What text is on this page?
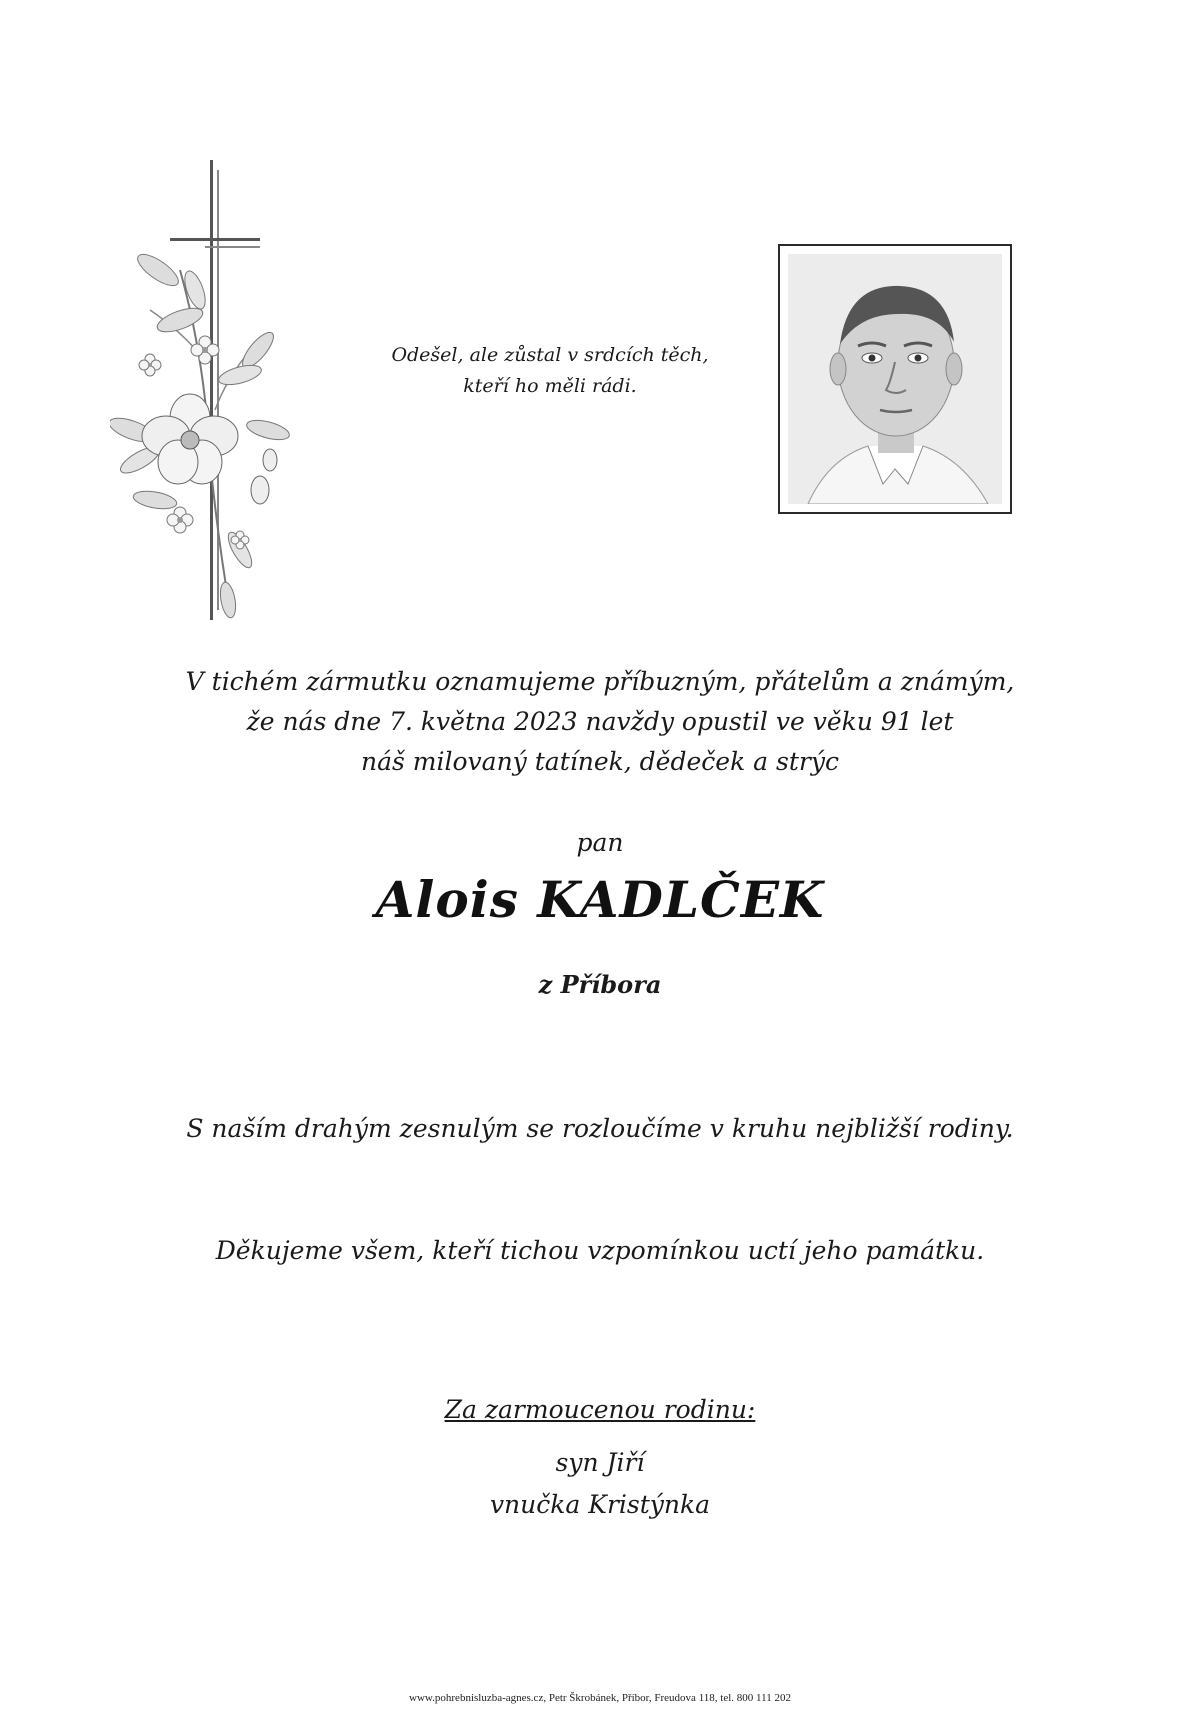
Odešel, ale zůstal v srdcích těch,
kteří ho měli rádi.
V tichém zármutku oznamujeme příbuzným, přátelům a známým,
že nás dne 7. května 2023 navždy opustil ve věku 91 let
náš milovaný tatínek, dědeček a strýc
pan
Alois KADLČEK
z Příbora
S naším drahým zesnulým se rozloučíme v kruhu nejbližší rodiny.
Děkujeme všem, kteří tichou vzpomínkou uctí jeho památku.
Za zarmoucenou rodinu:
syn Jiří
vnučka Kristýnka
www.pohrebnisluzba-agnes.cz, Petr Škrobánek, Příbor, Freudova 118, tel. 800 111 202
